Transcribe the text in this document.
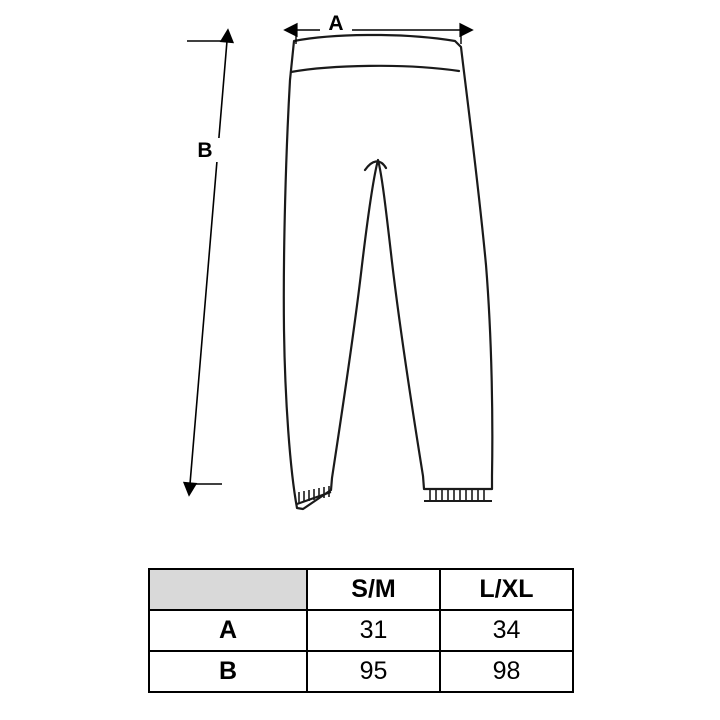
A
B
	S/M	L/XL
A	31	34
B	95	98
